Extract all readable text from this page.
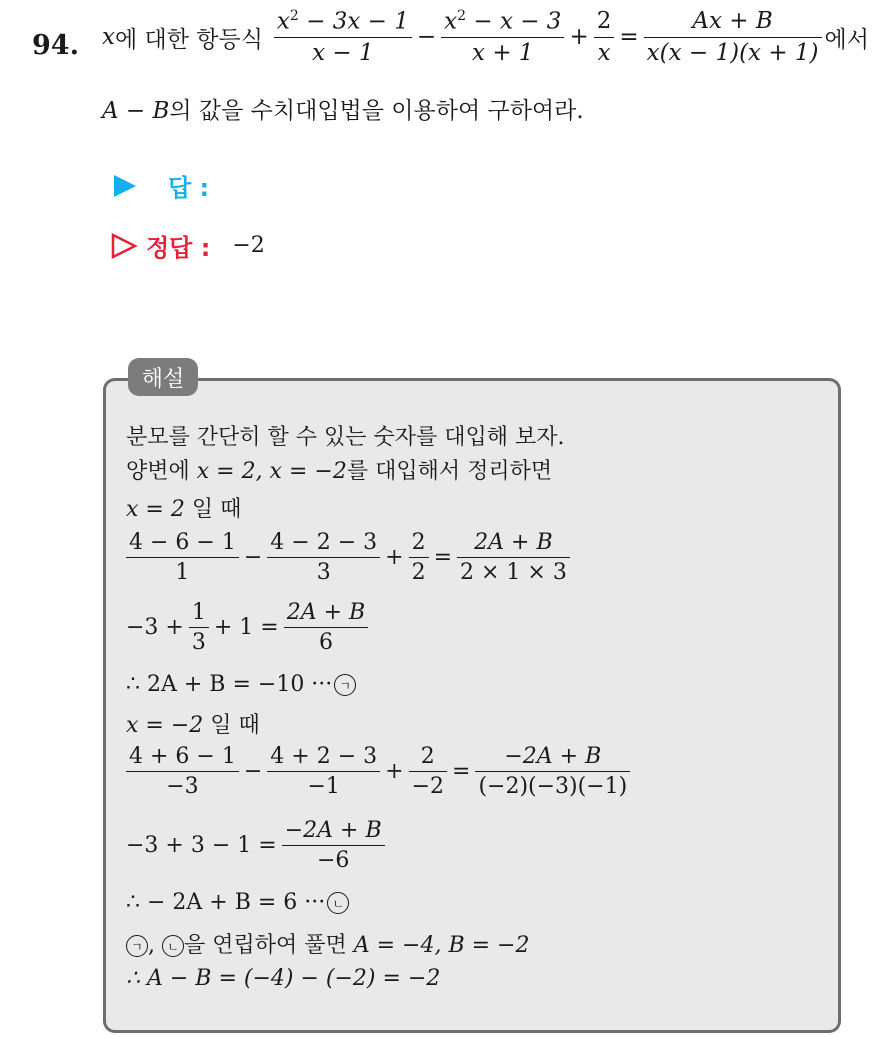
94. x 에 대한 항등식 $\frac{x^2 - 3x - 1}{x - 1} - \frac{x^2 - x - 3}{x + 1} + \frac{2}{x} = \frac{Ax + B}{x(x - 1)(x + 1)}$ 에서
A − B의 값을 수치대입법을 이용하여 구하여라.
답 :
정답 : −2
해설
분모를 간단히 할 수 있는 숫자를 대입해 보자.
양변에 x = 2, x = −2를 대입해서 정리하면
x = 2 일 때
$\frac{4 - 6 - 1}{1} - \frac{4 - 2 - 3}{3} + \frac{2}{2} = \frac{2A + B}{2 \times 1 \times 3}$
$-3 + \frac{1}{3} + 1 = \frac{2A + B}{6}$
∴ 2A + B = −10 ··· ㄱ
x = −2 일 때
$\frac{4 + 6 - 1}{-3} - \frac{4 + 2 - 3}{-1} + \frac{2}{-2} = \frac{-2A + B}{(-2)(-3)(-1)}$
$-3 + 3 - 1 = \frac{-2A + B}{-6}$
∴ − 2A + B = 6 ··· ㄴ
ㄱ , ㄴ 을 연립하여 풀면 A = −4, B = −2
∴ A − B = (−4) − (−2) = −2
